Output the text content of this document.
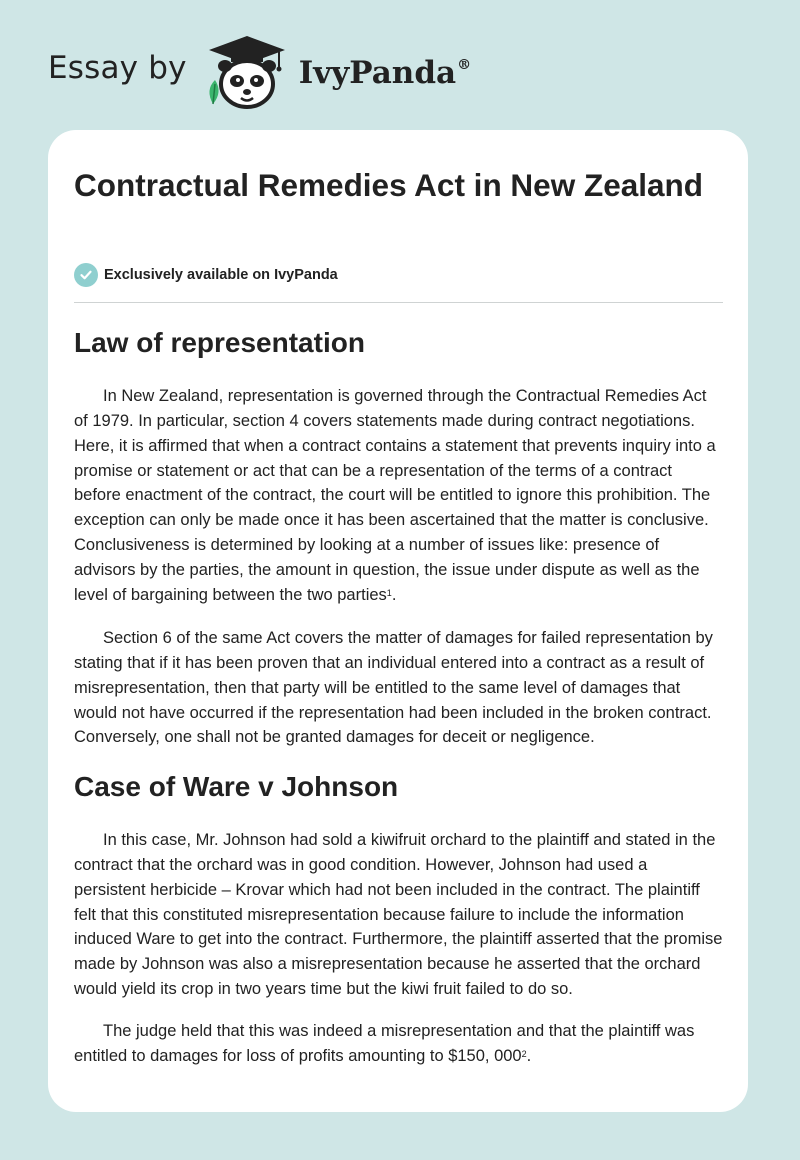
Essay by	IvyPanda®
Contractual Remedies Act in New Zealand
Exclusively available on IvyPanda
Law of representation

In New Zealand, representation is governed through the Contractual Remedies Act of 1979. In particular, section 4 covers statements made during contract negotiations. Here, it is affirmed that when a contract contains a statement that prevents inquiry into a promise or statement or act that can be a representation of the terms of a contract before enactment of the contract, the court will be entitled to ignore this prohibition. The exception can only be made once it has been ascertained that the matter is conclusive. Conclusiveness is determined by looking at a number of issues like: presence of advisors by the parties, the amount in question, the issue under dispute as well as the level of bargaining between the two parties$^1$.

Section 6 of the same Act covers the matter of damages for failed representation by stating that if it has been proven that an individual entered into a contract as a result of misrepresentation, then that party will be entitled to the same level of damages that would not have occurred if the representation had been included in the broken contract. Conversely, one shall not be granted damages for deceit or negligence.

Case of Ware v Johnson

In this case, Mr. Johnson had sold a kiwifruit orchard to the plaintiff and stated in the contract that the orchard was in good condition. However, Johnson had used a persistent herbicide – Krovar which had not been included in the contract. The plaintiff felt that this constituted misrepresentation because failure to include the information induced Ware to get into the contract. Furthermore, the plaintiff asserted that the promise made by Johnson was also a misrepresentation because he asserted that the orchard would yield its crop in two years time but the kiwi fruit failed to do so.

The judge held that this was indeed a misrepresentation and that the plaintiff was entitled to damages for loss of profits amounting to $150, 000$^2$.
